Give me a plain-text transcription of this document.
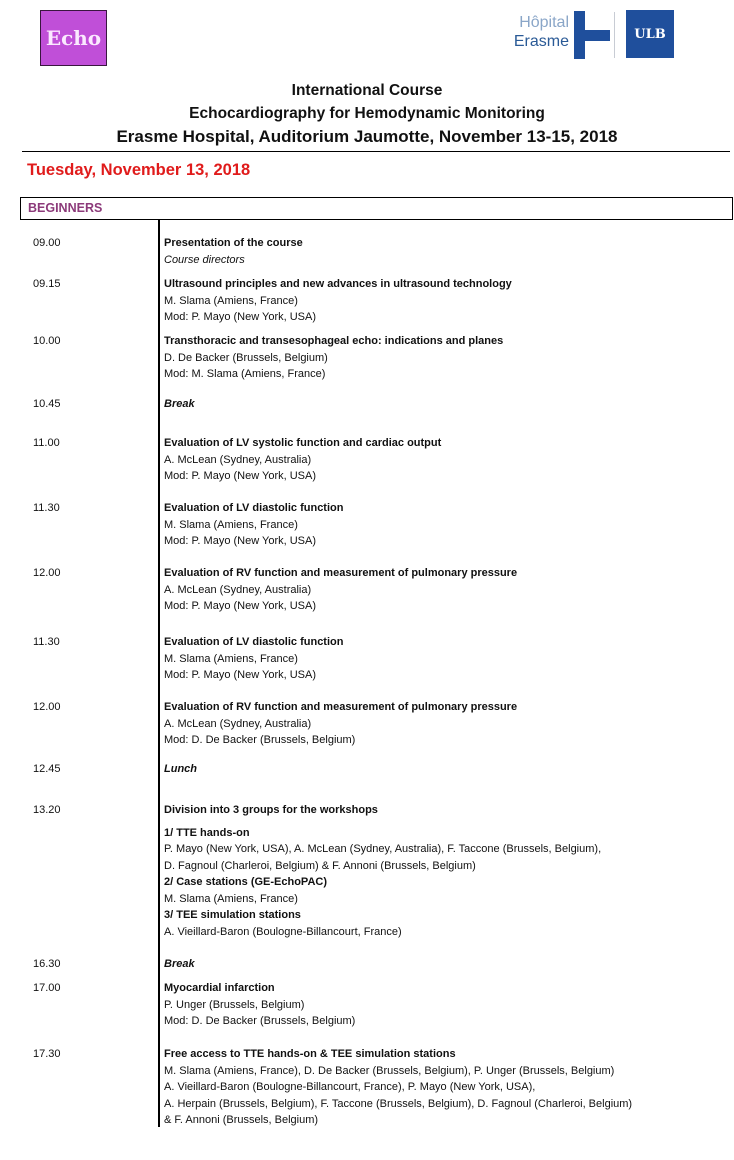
Echo
Hôpital
Erasme	ULB
International Course
Echocardiography for Hemodynamic Monitoring
Erasme Hospital, Auditorium Jaumotte, November 13-15, 2018
Tuesday, November 13, 2018
BEGINNERS
09.00	Presentation of the course
Course directors
09.15	Ultrasound principles and new advances in ultrasound technology
M. Slama (Amiens, France)
Mod: P. Mayo (New York, USA)
10.00	Transthoracic and transesophageal echo: indications and planes
D. De Backer (Brussels, Belgium)
Mod: M. Slama (Amiens, France)
10.45	Break
11.00	Evaluation of LV systolic function and cardiac output
A. McLean (Sydney, Australia)
Mod: P. Mayo (New York, USA)
11.30	Evaluation of LV diastolic function
M. Slama (Amiens, France)
Mod: P. Mayo (New York, USA)
12.00	Evaluation of RV function and measurement of pulmonary pressure
A. McLean (Sydney, Australia)
Mod: P. Mayo (New York, USA)
11.30	Evaluation of LV diastolic function
M. Slama (Amiens, France)
Mod: P. Mayo (New York, USA)
12.00	Evaluation of RV function and measurement of pulmonary pressure
A. McLean (Sydney, Australia)
Mod: D. De Backer (Brussels, Belgium)
12.45	Lunch
13.20	Division into 3 groups for the workshops
1/ TTE hands-on
P. Mayo (New York, USA), A. McLean (Sydney, Australia), F. Taccone (Brussels, Belgium),
D. Fagnoul (Charleroi, Belgium) & F. Annoni (Brussels, Belgium)
2/ Case stations (GE-EchoPAC)
M. Slama (Amiens, France)
3/ TEE simulation stations
A. Vieillard-Baron (Boulogne-Billancourt, France)
16.30	Break
17.00	Myocardial infarction
P. Unger (Brussels, Belgium)
Mod: D. De Backer (Brussels, Belgium)
17.30	Free access to TTE hands-on & TEE simulation stations
M. Slama (Amiens, France), D. De Backer (Brussels, Belgium), P. Unger (Brussels, Belgium)
A. Vieillard-Baron (Boulogne-Billancourt, France), P. Mayo (New York, USA),
A. Herpain (Brussels, Belgium), F. Taccone (Brussels, Belgium), D. Fagnoul (Charleroi, Belgium)
& F. Annoni (Brussels, Belgium)
